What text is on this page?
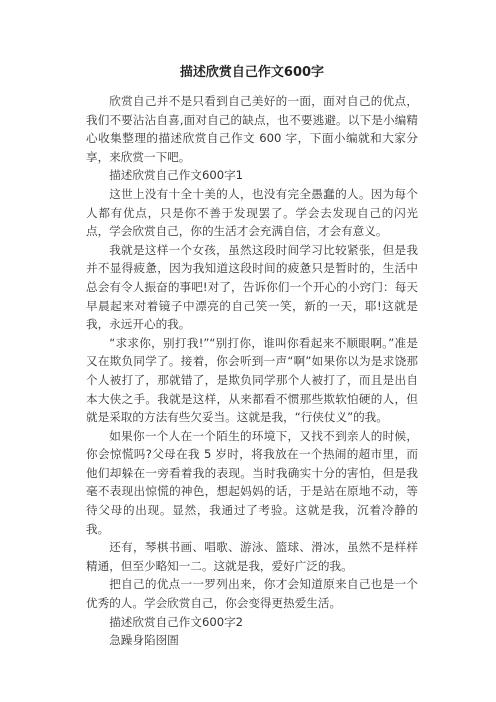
描述欣赏自己作文600字

欣赏自己并不是只看到自己美好的一面，面对自己的优点，我们不要沾沾自喜,面对自己的缺点，也不要逃避。以下是小编精心收集整理的描述欣赏自己作文 600 字，下面小编就和大家分享，来欣赏一下吧。

描述欣赏自己作文600字1

这世上没有十全十美的人，也没有完全愚蠢的人。因为每个人都有优点，只是你不善于发现罢了。学会去发现自己的闪光点，学会欣赏自己，你的生活才会充满自信，才会有意义。

我就是这样一个女孩，虽然这段时间学习比较紧张，但是我并不显得疲惫，因为我知道这段时间的疲惫只是暂时的，生活中总会有令人振奋的事吧!对了，告诉你们一个开心的小窍门：每天早晨起来对着镜子中漂亮的自己笑一笑，新的一天，耶!这就是我，永远开心的我。

“求求你，别打我!”“别打你，谁叫你看起来不顺眼啊。”准是又在欺负同学了。接着，你会听到一声“啊”如果你以为是求饶那个人被打了，那就错了，是欺负同学那个人被打了，而且是出自本大侠之手。我就是这样，从来都看不惯那些欺软怕硬的人，但就是采取的方法有些欠妥当。这就是我，“行侠仗义”的我。

如果你一个人在一个陌生的环境下，又找不到亲人的时候，你会惊慌吗?父母在我 5 岁时，将我放在一个热闹的超市里，而他们却躲在一旁看着我的表现。当时我确实十分的害怕，但是我毫不表现出惊慌的神色，想起妈妈的话，于是站在原地不动，等待父母的出现。显然，我通过了考验。这就是我，沉着冷静的我。

还有，琴棋书画、唱歌、游泳、篮球、滑冰，虽然不是样样精通，但至少略知一二。这就是我，爱好广泛的我。

把自己的优点一一罗列出来，你才会知道原来自己也是一个优秀的人。学会欣赏自己，你会变得更热爱生活。

描述欣赏自己作文600字2

急躁身陷囹圄
